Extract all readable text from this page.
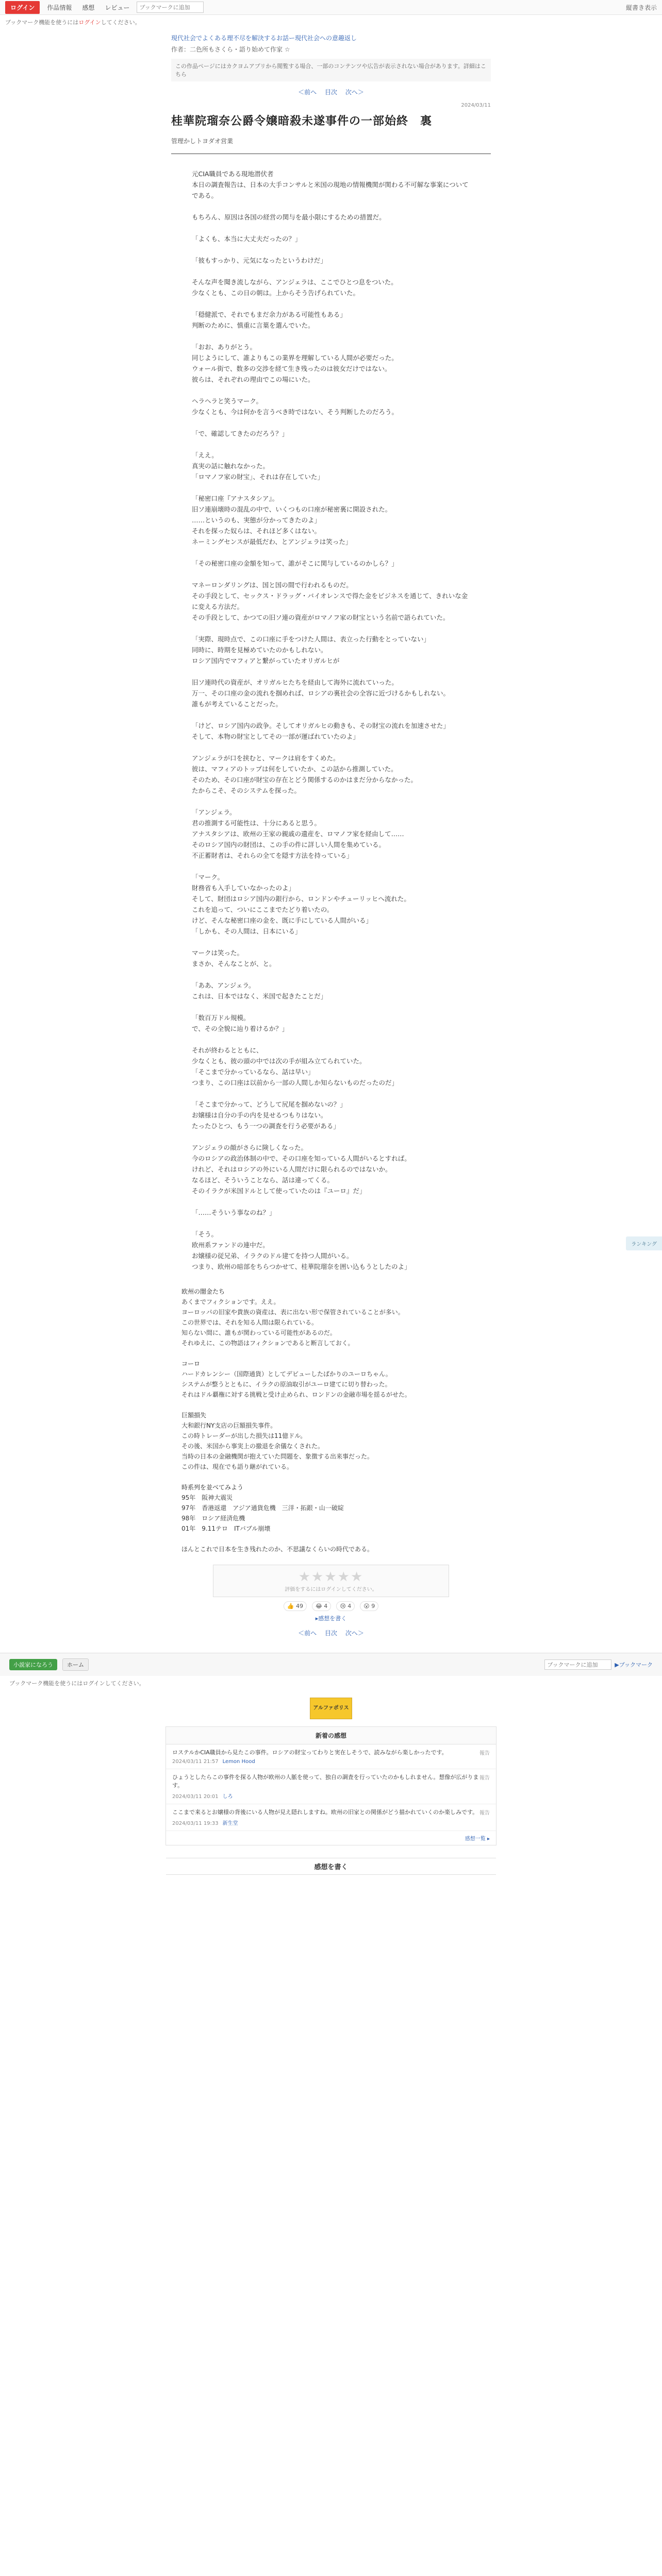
ログイン	作品情報	感想	レビュー
ブックマークに追加	縦書き表示
ブックマーク機能を使うにはログインしてください。
現代社会でよくある理不尽を解決するお話ー現代社会への意趣返し
作者：二色所もさくら・語り始めて作家 ☆
この作品ページにはカクヨムアプリから閲覧する場合、一部のコンテンツや広告が表示されない場合があります。詳細はこちら
＜前へ 目次 次へ＞
2024/03/11
桂華院瑠奈公爵令嬢暗殺未遂事件の一部始終　裏
管理かしトヨダオ営業

元CIA職員である現地潜伏者
本日の調査報告は、日本の大手コンサルと米国の現地の情報機関が関わる不可解な事案についてである。

もちろん、原因は各国の経営の関与を最小限にするための措置だ。

「よくも、本当に大丈夫だったの？」

「彼もすっかり、元気になったというわけだ」

そんな声を聞き流しながら、アンジェラは、ここでひとつ息をついた。
少なくとも、この日の朝は。上からそう告げられていた。

「穏健派で、それでもまだ余力がある可能性もある」
判断のために、慎重に言葉を選んでいた。

「おお、ありがとう。
同じようにして、誰よりもこの業界を理解している人間が必要だった。
ウォール街で、数多の交渉を経て生き残ったのは彼女だけではない。
彼らは、それぞれの理由でこの場にいた。

ヘラヘラと笑うマーク。
少なくとも、今は何かを言うべき時ではない、そう判断したのだろう。

「で、確認してきたのだろう？」

「ええ。
真実の話に触れなかった。
「ロマノフ家の財宝」、それは存在していた」

「秘密口座『アナスタシア』。
旧ソ連崩壊時の混乱の中で、いくつもの口座が秘密裏に開設された。
……というのも、実態が分かってきたのよ」
それを探った奴らは、それほど多くはない。
ネーミングセンスが最低だわ、とアンジェラは笑った」

「その秘密口座の金額を知って、誰がそこに関与しているのかしら？」

マネーロンダリングは、国と国の間で行われるものだ。
その手段として、セックス・ドラッグ・バイオレンスで得た金をビジネスを通じて、きれいな金に変える方法だ。
その手段として、かつての旧ソ連の資産がロマノフ家の財宝という名前で語られていた。

「実際、現時点で、この口座に手をつけた人間は、表立った行動をとっていない」
同時に、時期を見極めていたのかもしれない。
ロシア国内でマフィアと繋がっていたオリガルヒが

旧ソ連時代の資産が、オリガルヒたちを経由して海外に流れていった。
万一、その口座の金の流れを掴めれば、ロシアの裏社会の全容に近づけるかもしれない。
誰もが考えていることだった。

「けど、ロシア国内の政争。そしてオリガルヒの動きも、その財宝の流れを加速させた」
そして、本物の財宝としてその一部が運ばれていたのよ」

アンジェラが口を挟むと、マークは肩をすくめた。
彼は、マフィアのトップは何をしていたか、この話から推測していた。
そのため、その口座が財宝の存在とどう関係するのかはまだ分からなかった。
たからこそ、そのシステムを探った。

「アンジェラ。
君の推測する可能性は、十分にあると思う。
アナスタシアは、欧州の王家の親戚の遺産を、ロマノフ家を経由して……
そのロシア国内の財団は、この手の件に詳しい人間を集めている。
不正蓄財者は、それらの全てを隠す方法を持っている」

「マーク。
財務省も入手していなかったのよ」
そして、財団はロシア国内の銀行から、ロンドンやチューリッヒへ流れた。
これを追って、ついにここまでたどり着いたの。
けど、そんな秘密口座の金を、既に手にしている人間がいる」
「しかも、その人間は、日本にいる」

マークは笑った。
まさか、そんなことが、と。

「ああ、アンジェラ。
これは、日本ではなく、米国で起きたことだ」

「数百万ドル規模。
で、その全貌に辿り着けるか？」

それが終わるとともに、
少なくとも、彼の頭の中では次の手が組み立てられていた。
「そこまで分かっているなら、話は早い」
つまり、この口座は以前から一部の人間しか知らないものだったのだ」

「そこまで分かって、どうして尻尾を掴めないの？」
お嬢様は自分の手の内を見せるつもりはない。
たったひとつ、もう一つの調査を行う必要がある」

アンジェラの顔がさらに険しくなった。
今のロシアの政治体制の中で、その口座を知っている人間がいるとすれば。
けれど、それはロシアの外にいる人間だけに限られるのではないか。
なるほど、そういうことなら、話は違ってくる。
そのイラクが米国ドルとして使っていたのは『ユーロ』だ」

「……そういう事なのね？」

「そう。
欧州系ファンドの連中だ。
お嬢様の従兄弟、イラクのドル建てを持つ人間がいる。
つまり、欧州の暗部をちらつかせて、桂華院瑠奈を囲い込もうとしたのよ」

欧州の闇金たち
あくまでフィクションです。ええ。
ヨーロッパの旧家や貴族の資産は、表に出ない形で保管されていることが多い。
この世界では、それを知る人間は限られている。
知らない間に、誰もが関わっている可能性があるのだ。
それゆえに、この物語はフィクションであると断言しておく。

コーロ
ハードカレンシー（国際通貨）としてデビューしたばかりのユーロちゃん。
システムが整うとともに、イラクの原油取引がユーロ建てに切り替わった。
それはドル覇権に対する挑戦と受け止められ、ロンドンの金融市場を揺るがせた。

巨額損失
大和銀行NY支店の巨額損失事件。
この時トレーダーが出した損失は11億ドル。
その後、米国から事実上の撤退を余儀なくされた。
当時の日本の金融機関が抱えていた問題を、象徴する出来事だった。
この件は、現在でも語り継がれている。

時系列を並べてみよう
95年　阪神大震災
97年　香港返還　アジア通貨危機　三洋・拓銀・山一破綻
98年　ロシア経済危機
01年　9.11テロ　ITバブル崩壊

ほんとこれで日本を生き残れたのか、不思議なくらいの時代である。

★★★★★
評価をするにはログインしてください。
👍 49	😂 4	😢 4	😮 9
▸感想を書く
＜前へ 目次 次へ＞
小説家になろう	ホーム
ブックマークに追加	▶ブックマーク
ブックマーク機能を使うにはログインしてください。
アルファポリス
新着の感想
報告
ロステルかCIA職員から見たこの事件。ロシアの財宝ってわりと実在しそうで、読みながら楽しかったです。
2024/03/11 21:57 Lemon Hood
報告
ひょうとしたらこの事件を探る人物が欧州の人脈を使って、独自の調査を行っていたのかもしれません。想像が広がります。
2024/03/11 20:01 しろ
報告
ここまで来るとお嬢様の背後にいる人物が見え隠れしますね。欧州の旧家との関係がどう描かれていくのか楽しみです。
2024/03/11 19:33 新生堂
感想一覧 ▸
感想を書く
ランキング
